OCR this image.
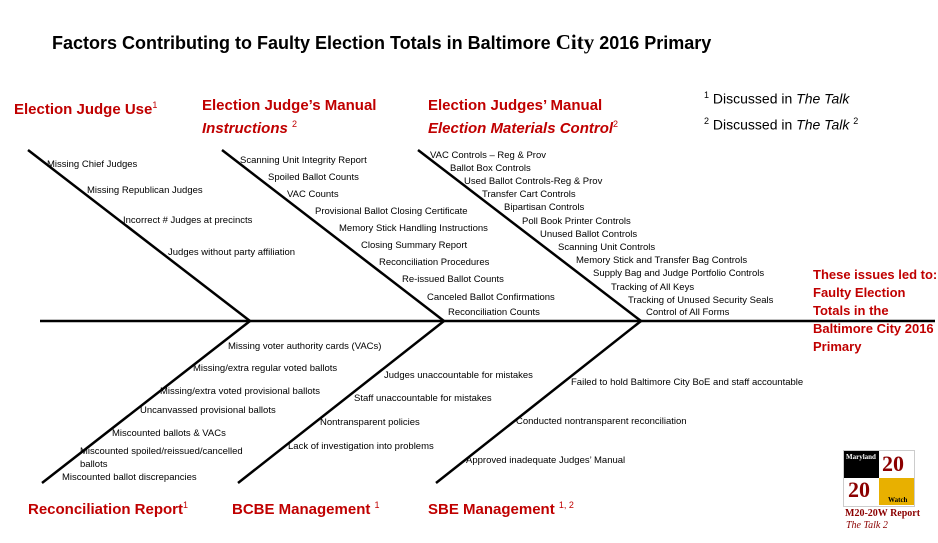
Factors Contributing to Faulty Election Totals in Baltimore City 2016 Primary
$^1$ Discussed in The Talk
$^2$ Discussed in The Talk $^2$
Election Judge Use$^1$	Election Judge’s Manual
Instructions $^2$
Election Judges’ Manual
Election Materials Control$^2$
Reconciliation Report$^1$	BCBE Management $^1$	SBE Management $^{1, 2}$
Missing Chief Judges
Missing Republican Judges
Incorrect # Judges at precincts
Judges without party affiliation
Scanning Unit Integrity Report
Spoiled Ballot Counts
VAC Counts
Provisional Ballot Closing Certificate
Memory Stick Handling Instructions
Closing Summary Report
Reconciliation Procedures
Re-issued Ballot Counts
Canceled Ballot Confirmations
Reconciliation Counts
VAC Controls – Reg & Prov
Ballot Box Controls
Used Ballot Controls-Reg & Prov
Transfer Cart Controls
Bipartisan Controls
Poll Book Printer Controls
Unused Ballot Controls
Scanning Unit Controls
Memory Stick and Transfer Bag Controls
Supply Bag and Judge Portfolio Controls
Tracking of All Keys
Tracking of Unused Security Seals
Control of All Forms
Missing voter authority cards (VACs)
Missing/extra regular voted ballots
Missing/extra voted provisional ballots
Uncanvassed provisional ballots
Miscounted ballots & VACs
Miscounted spoiled/reissued/cancelled
ballots
Miscounted ballot discrepancies
Judges unaccountable for mistakes
Staff unaccountable for mistakes
Nontransparent policies
Lack of investigation into problems
Failed to hold Baltimore City BoE and staff accountable
Conducted nontransparent reconciliation
Approved inadequate Judges’ Manual
These issues led to: Faulty Election Totals in the Baltimore City 2016 Primary
Maryland 20
20	Watch
M20-20W Report
The Talk 2
